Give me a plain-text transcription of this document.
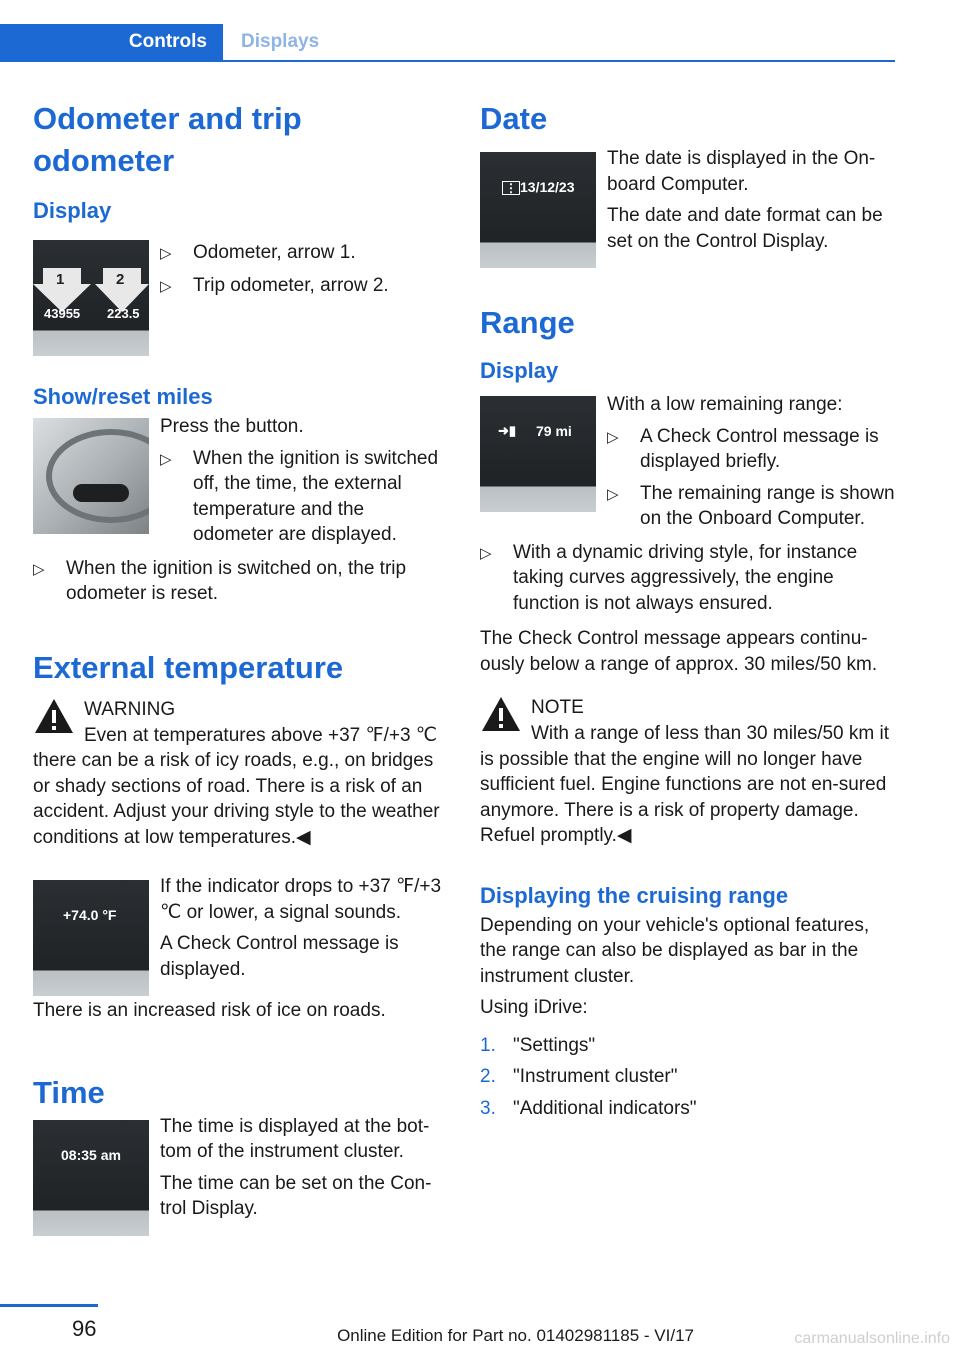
Controls	Displays
Odometer and trip odometer
Display
1	2
43955 223.5
▷	Odometer, arrow 1.
▷	Trip odometer, arrow 2.
Show/reset miles
Press the button.
▷	When the ignition is switched off, the time, the external temperature and the odometer are displayed.
▷	When the ignition is switched on, the trip odometer is reset.
External temperature
WARNING
Even at temperatures above +37 ℉/+3 ℃ there can be a risk of icy roads, e.g., on bridges or shady sections of road. There is a risk of an accident. Adjust your driving style to the weather conditions at low temperatures.◀
+74.0 °F
If the indicator drops to +37 ℉/+3 ℃ or lower, a signal sounds.
A Check Control message is displayed.
There is an increased risk of ice on roads.
Time
08:35 am
The time is displayed at the bot‐tom of the instrument cluster.
The time can be set on the Con‐trol Display.
Date
⋮ 13/12/23
The date is displayed in the On‐board Computer.
The date and date format can be set on the Control Display.
Range
Display
➜▮ 79 mi
With a low remaining range:
▷	A Check Control message is displayed briefly.
▷	The remaining range is shown on the Onboard Computer.
▷	With a dynamic driving style, for instance taking curves aggressively, the engine function is not always ensured.
The Check Control message appears continu‐ously below a range of approx. 30 miles/50 km.
NOTE
With a range of less than 30 miles/50 km it is possible that the engine will no longer have sufficient fuel. Engine functions are not en‐sured anymore. There is a risk of property damage. Refuel promptly.◀
Displaying the cruising range
Depending on your vehicle's optional features, the range can also be displayed as bar in the instrument cluster.
Using iDrive:
1. "Settings"
2. "Instrument cluster"
3. "Additional indicators"
96	Online Edition for Part no. 01402981185 - VI/17	carmanualsonline.info
